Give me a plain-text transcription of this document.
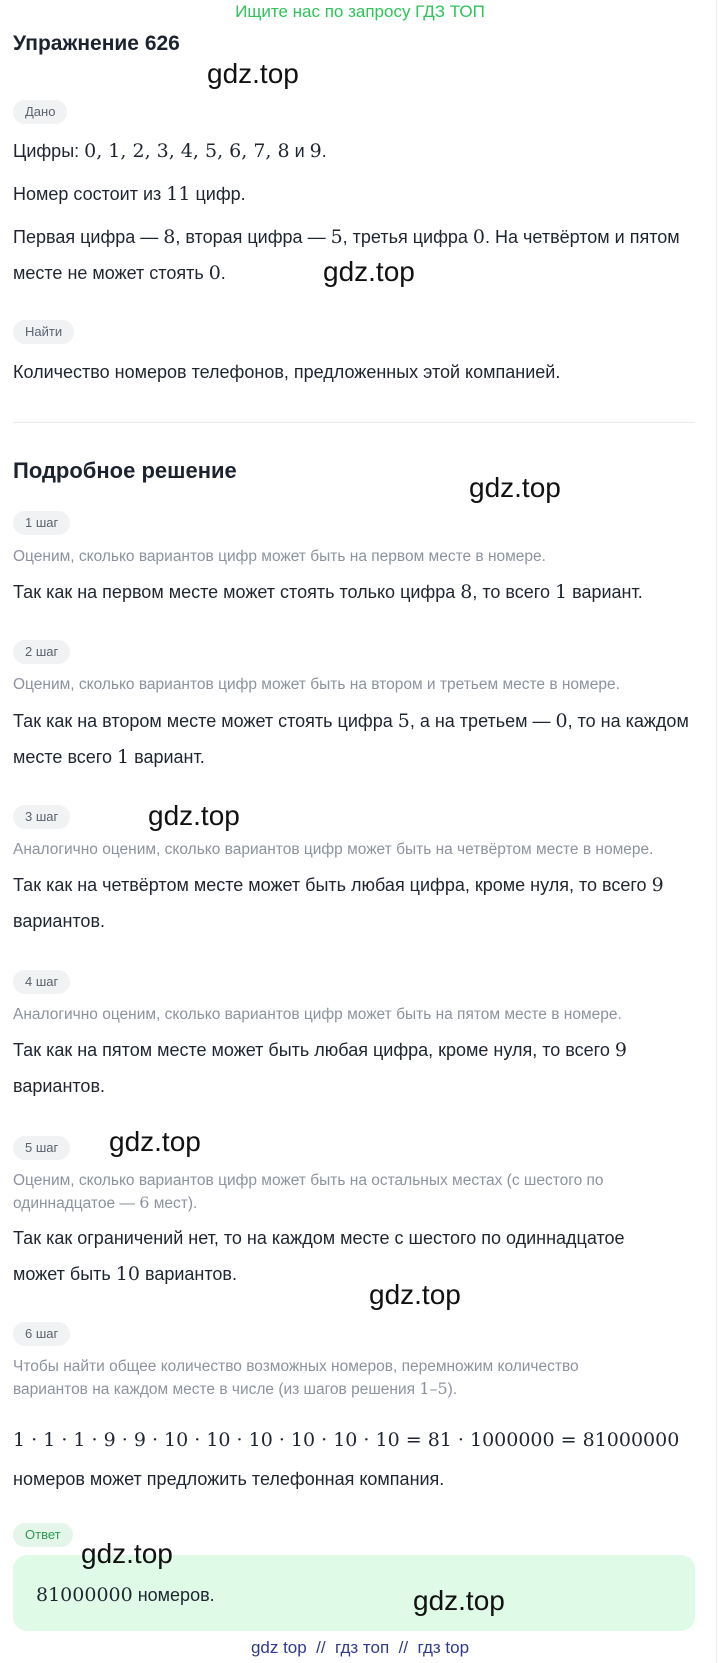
Ищите нас по запросу ГДЗ ТОП
Упражнение 626
Дано
Цифры: 0, 1, 2, 3, 4, 5, 6, 7, 8 и 9.
Номер состоит из 11 цифр.
Первая цифра — 8, вторая цифра — 5, третья цифра 0. На четвёртом и пятом
месте не может стоять 0.
Найти
Количество номеров телефонов, предложенных этой компанией.
Подробное решение
1 шаг
Оценим, сколько вариантов цифр может быть на первом месте в номере.
Так как на первом месте может стоять только цифра 8, то всего 1 вариант.
2 шаг
Оценим, сколько вариантов цифр может быть на втором и третьем месте в номере.
Так как на втором месте может стоять цифра 5, а на третьем — 0, то на каждом
месте всего 1 вариант.
3 шаг
Аналогично оценим, сколько вариантов цифр может быть на четвёртом месте в номере.
Так как на четвёртом месте может быть любая цифра, кроме нуля, то всего 9
вариантов.
4 шаг
Аналогично оценим, сколько вариантов цифр может быть на пятом месте в номере.
Так как на пятом месте может быть любая цифра, кроме нуля, то всего 9
вариантов.
5 шаг
Оценим, сколько вариантов цифр может быть на остальных местах (с шестого по
одиннадцатое — 6 мест).
Так как ограничений нет, то на каждом месте с шестого по одиннадцатое
может быть 10 вариантов.
6 шаг
Чтобы найти общее количество возможных номеров, перемножим количество
вариантов на каждом месте в числе (из шагов решения 1–5).
1 · 1 · 1 · 9 · 9 · 10 · 10 · 10 · 10 · 10 · 10 = 81 · 1000000 = 81000000
номеров может предложить телефонная компания.
Ответ
81000000 номеров.
gdz.top
gdz.top
gdz.top
gdz.top
gdz.top
gdz.top
gdz.top
gdz.top
gdz top  //  гдз топ  //  гдз top
